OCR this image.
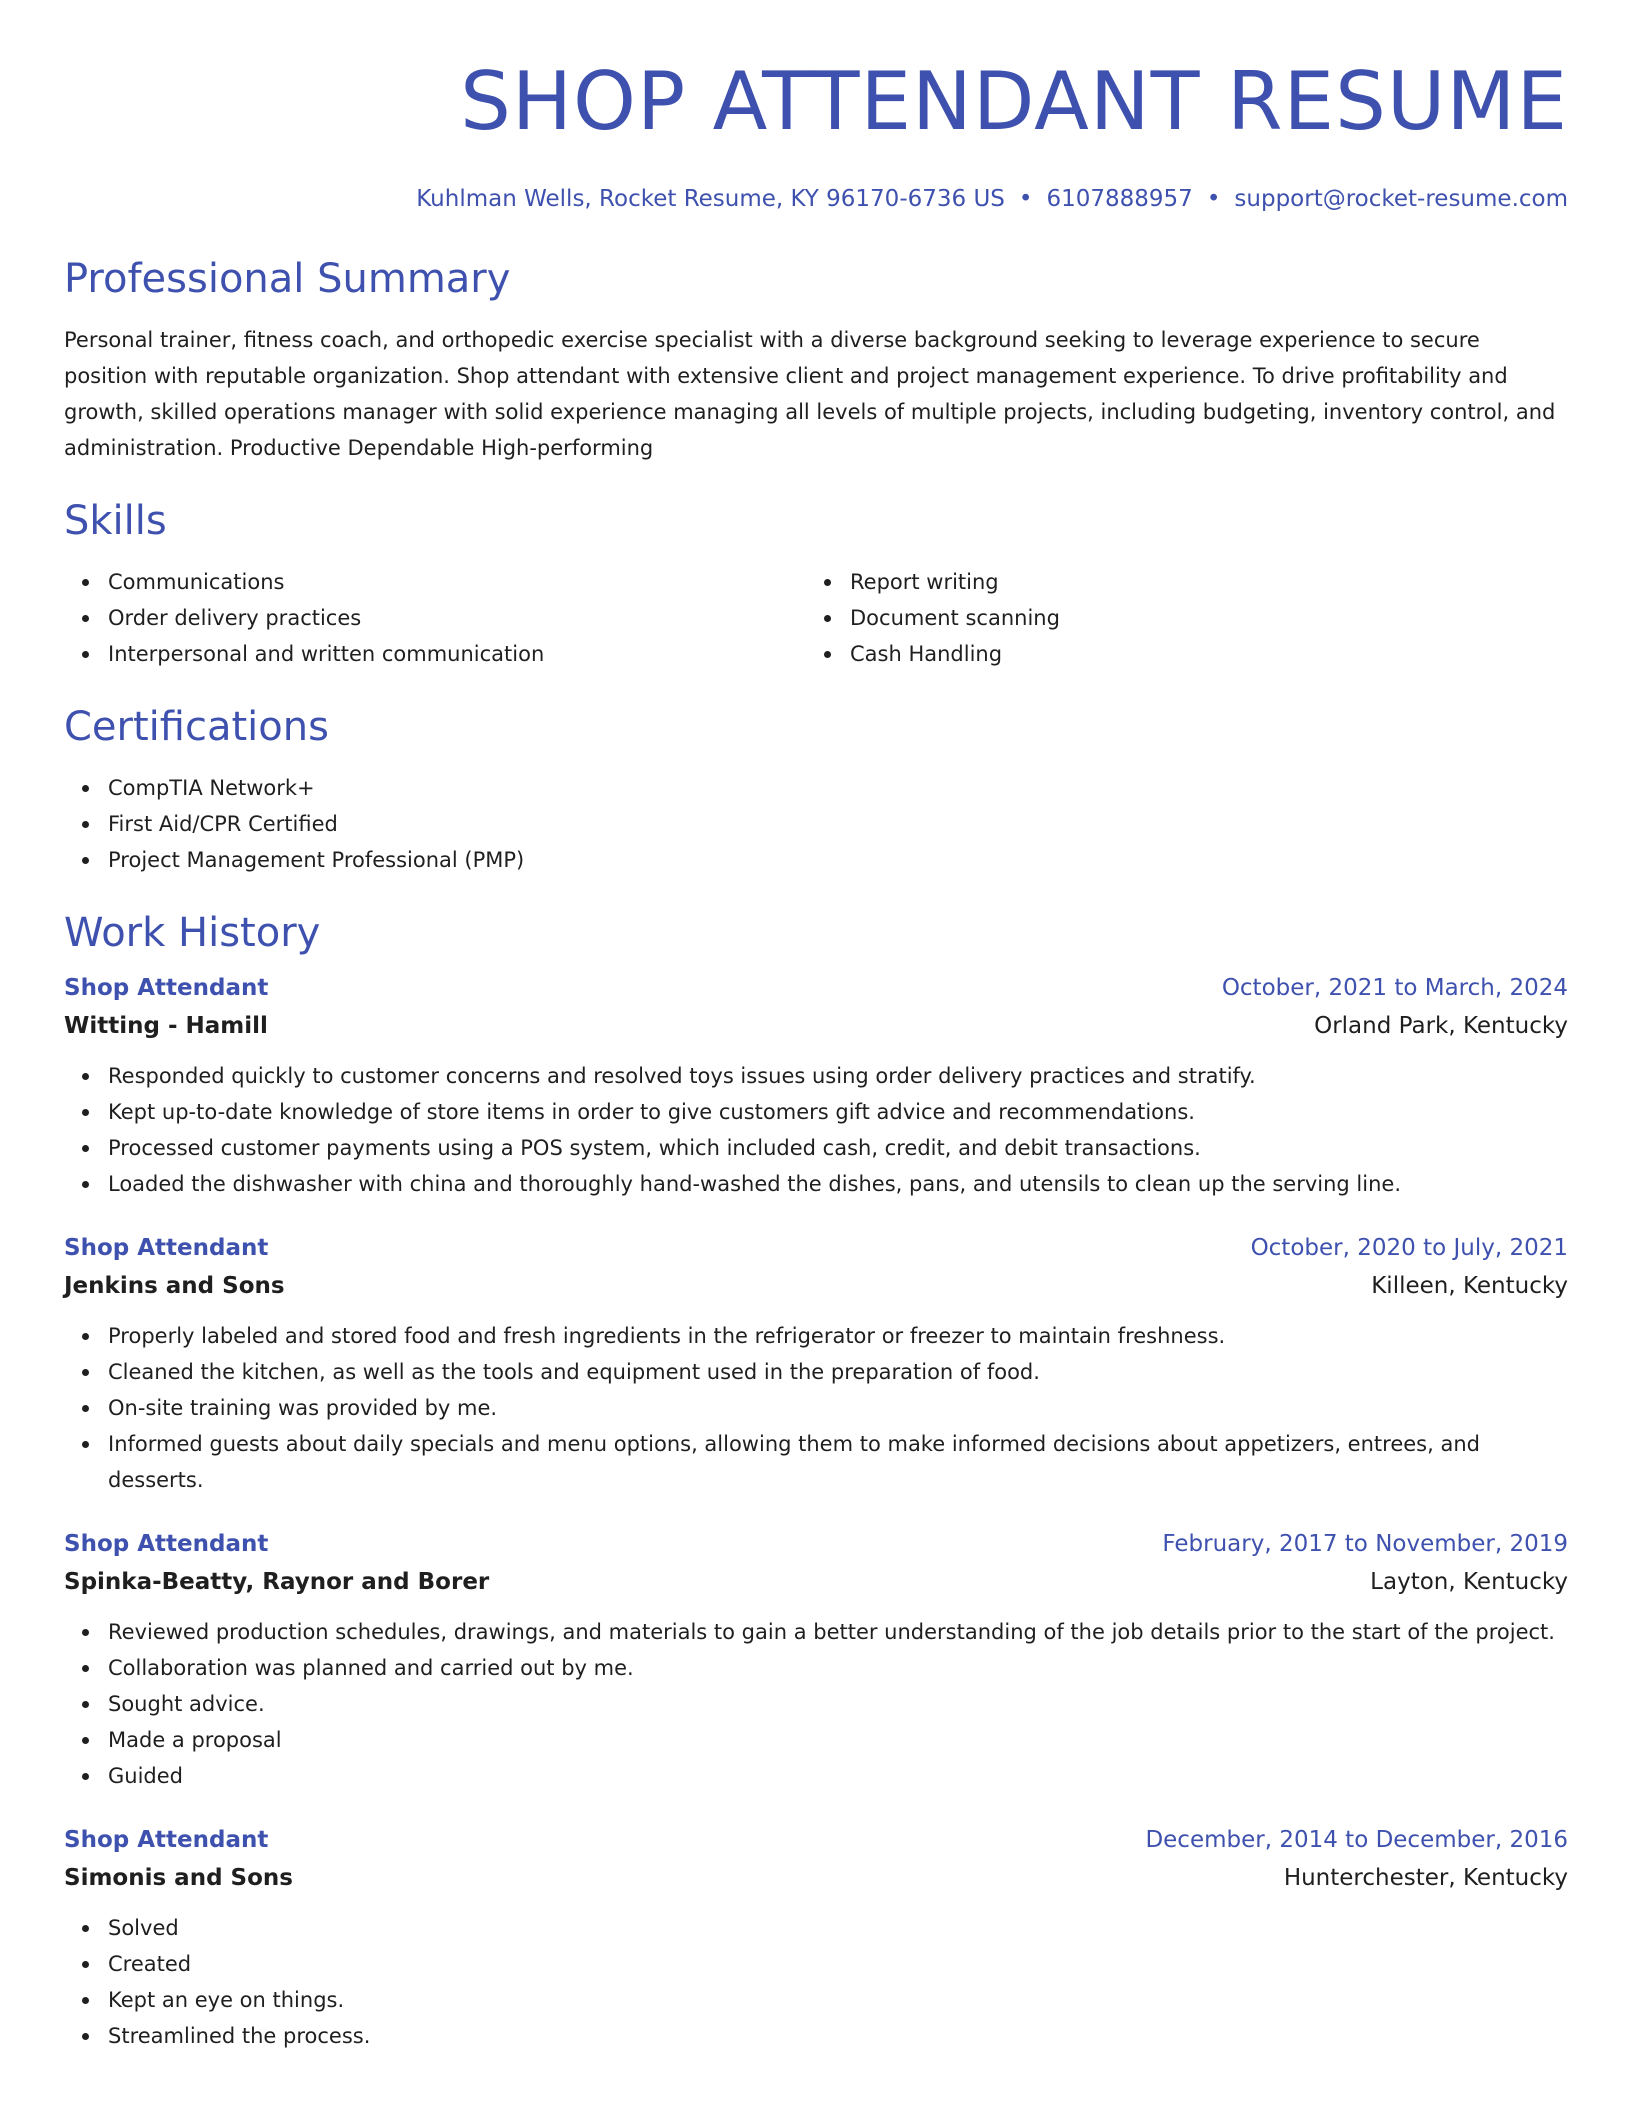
SHOP ATTENDANT RESUME
Kuhlman Wells, Rocket Resume, KY 96170-6736 US • 6107888957 • support@rocket-resume.com
Professional Summary

Personal trainer, fitness coach, and orthopedic exercise specialist with a diverse background seeking to leverage experience to secure position with reputable organization. Shop attendant with extensive client and project management experience. To drive profitability and growth, skilled operations manager with solid experience managing all levels of multiple projects, including budgeting, inventory control, and administration. Productive Dependable High-performing

Skills
Communications
Order delivery practices
Interpersonal and written communication
Report writing
Document scanning
Cash Handling
Certifications
CompTIA Network+
First Aid/CPR Certified
Project Management Professional (PMP)
Work History
Shop Attendant	October, 2021 to March, 2024
Witting - Hamill	Orland Park, Kentucky
Responded quickly to customer concerns and resolved toys issues using order delivery practices and stratify.
Kept up-to-date knowledge of store items in order to give customers gift advice and recommendations.
Processed customer payments using a POS system, which included cash, credit, and debit transactions.
Loaded the dishwasher with china and thoroughly hand-washed the dishes, pans, and utensils to clean up the serving line.
Shop Attendant	October, 2020 to July, 2021
Jenkins and Sons	Killeen, Kentucky
Properly labeled and stored food and fresh ingredients in the refrigerator or freezer to maintain freshness.
Cleaned the kitchen, as well as the tools and equipment used in the preparation of food.
On-site training was provided by me.
Informed guests about daily specials and menu options, allowing them to make informed decisions about appetizers, entrees, and desserts.
Shop Attendant	February, 2017 to November, 2019
Spinka-Beatty, Raynor and Borer	Layton, Kentucky
Reviewed production schedules, drawings, and materials to gain a better understanding of the job details prior to the start of the project.
Collaboration was planned and carried out by me.
Sought advice.
Made a proposal
Guided
Shop Attendant	December, 2014 to December, 2016
Simonis and Sons	Hunterchester, Kentucky
Solved
Created
Kept an eye on things.
Streamlined the process.
